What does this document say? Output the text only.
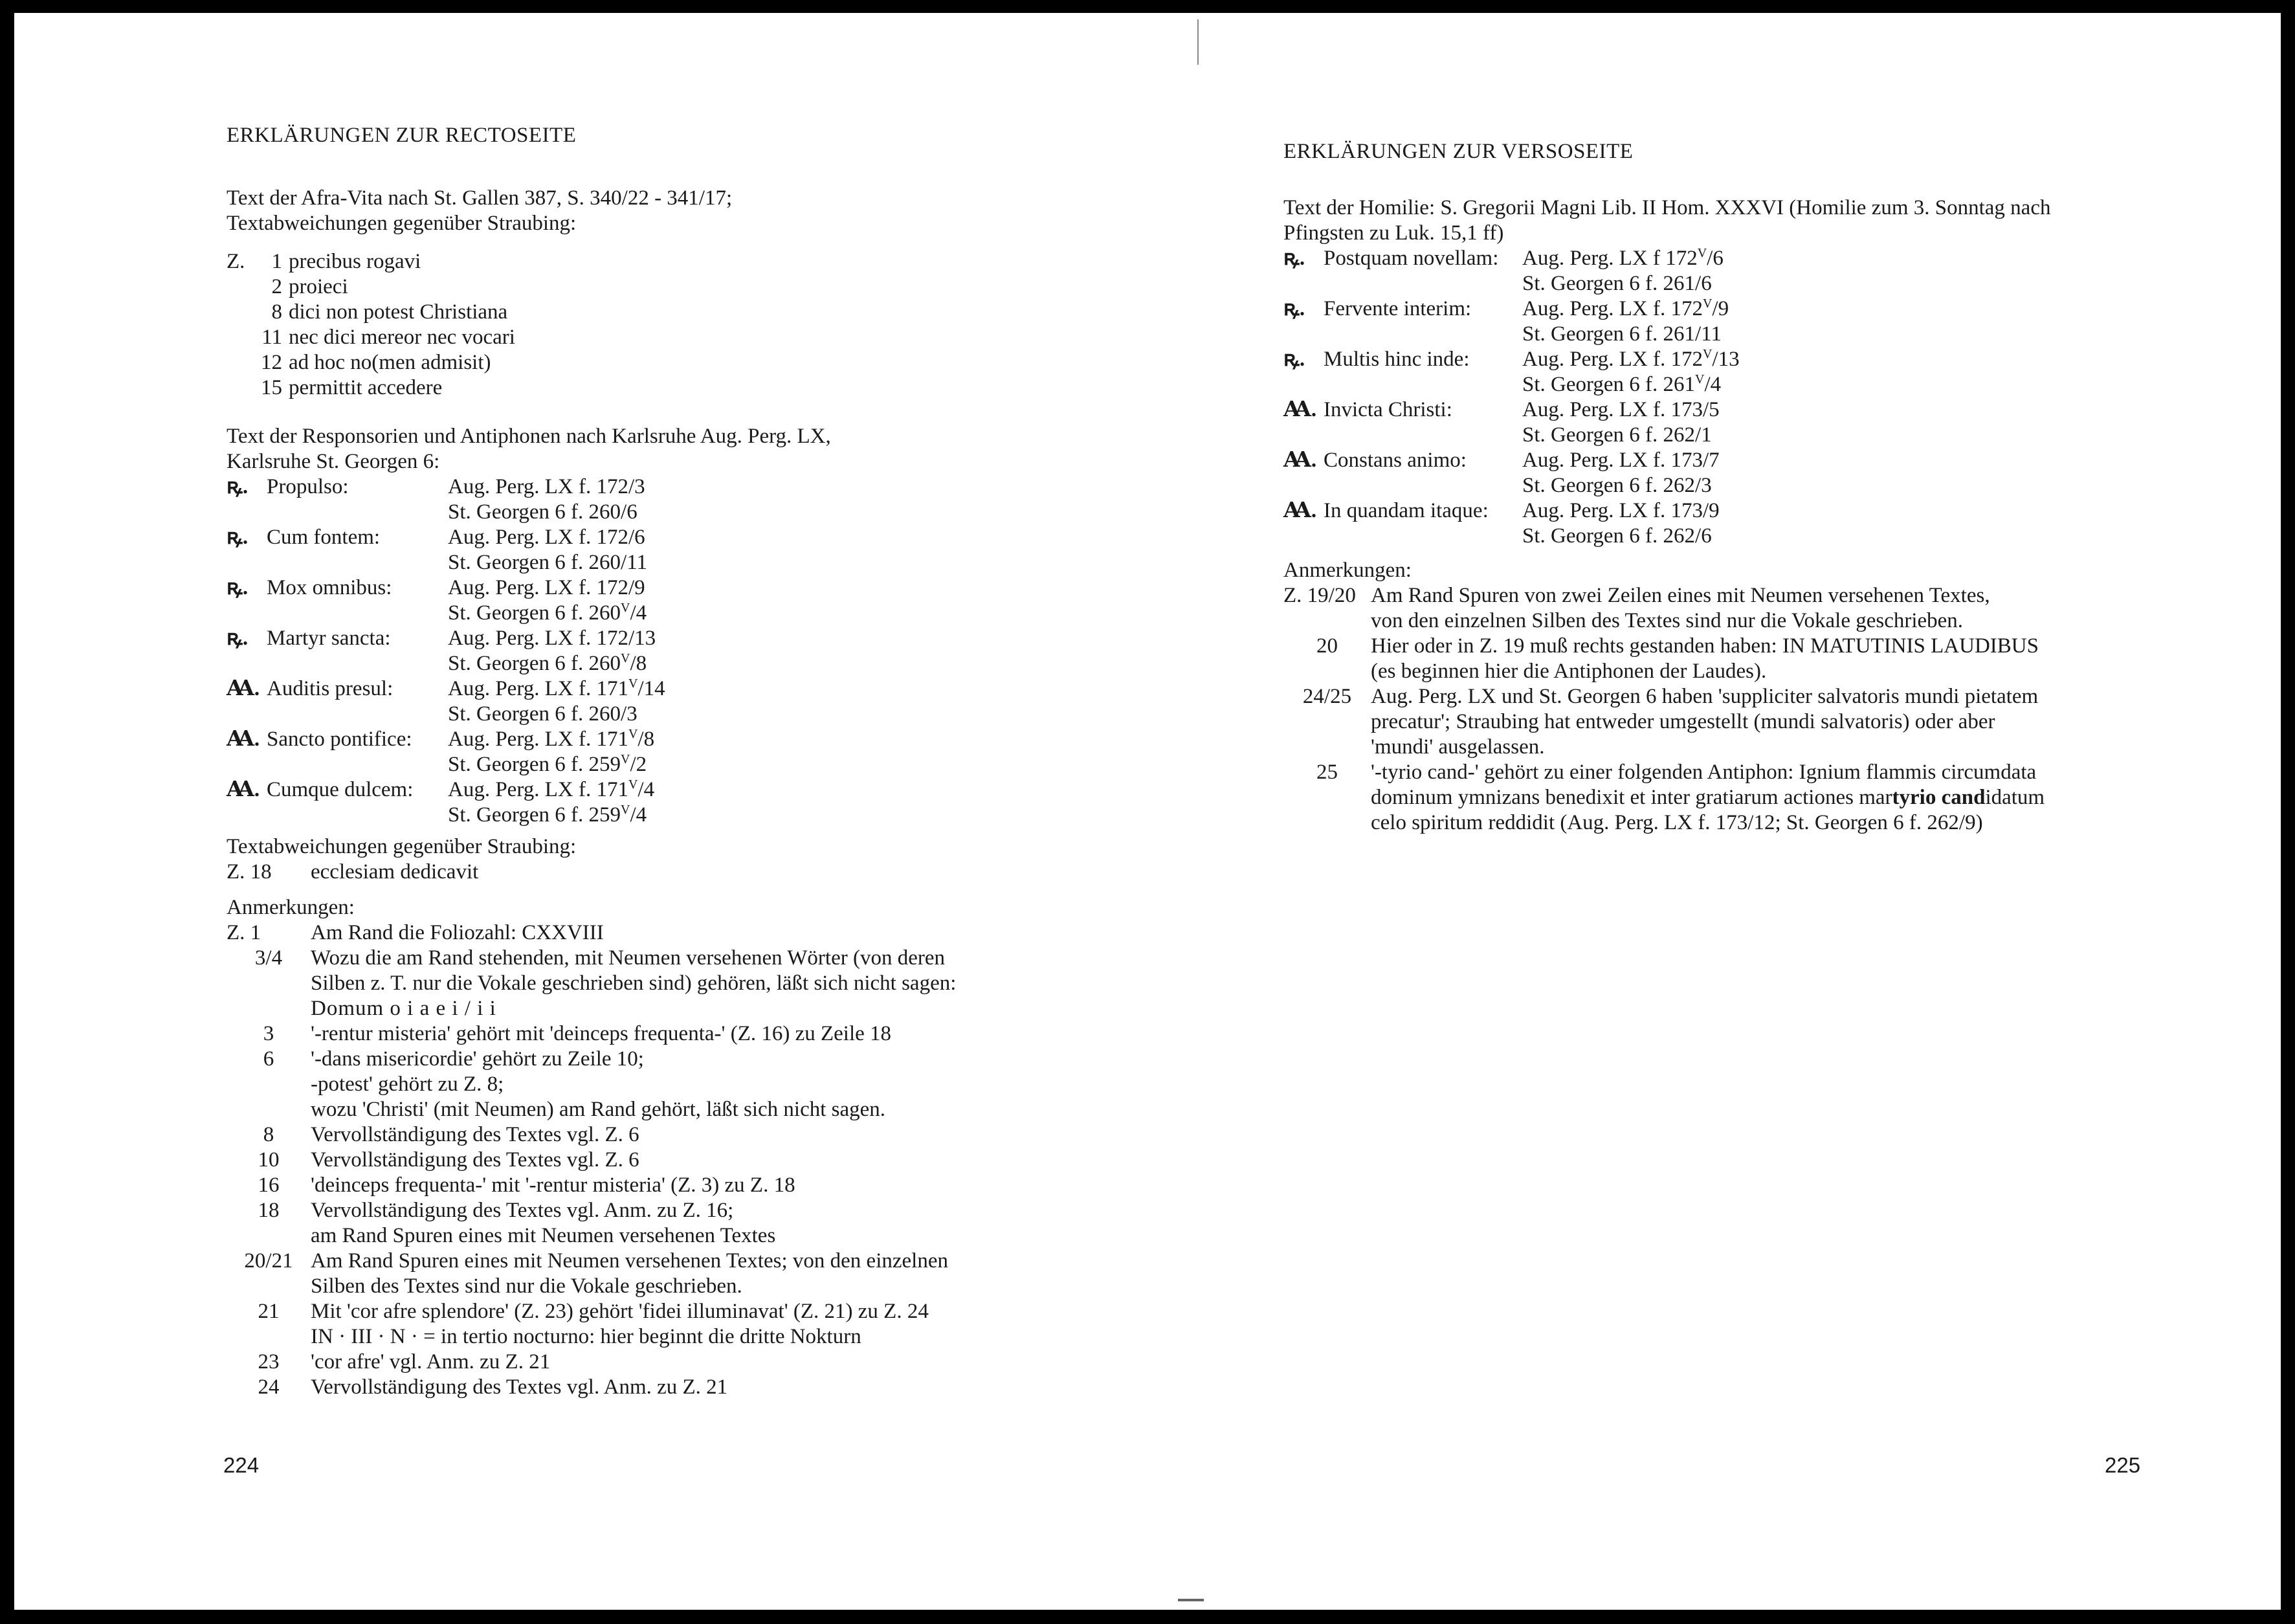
ERKLÄRUNGEN ZUR RECTOSEITE
Text der Afra-Vita nach St. Gallen 387, S. 340/22 - 341/17;
Textabweichungen gegenüber Straubing:
Z.	1 precibus rogavi
2 proieci
8 dici non potest Christiana
11 nec dici mereor nec vocari
12 ad hoc no(men admisit)
15 permittit accedere
Text der Responsorien und Antiphonen nach Karlsruhe Aug. Perg. LX,
Karlsruhe St. Georgen 6:
ꝶ. Propulso:	Aug. Perg. LX f. 172/3
St. Georgen 6 f. 260/6
ꝶ. Cum fontem:	Aug. Perg. LX f. 172/6
St. Georgen 6 f. 260/11
ꝶ. Mox omnibus:	Aug. Perg. LX f. 172/9
St. Georgen 6 f. $260^V/4$
ꝶ. Martyr sancta:	Aug. Perg. LX f. 172/13
St. Georgen 6 f. $260^V/8$
Ꜳ. Auditis presul:	Aug. Perg. LX f. $171^V/14$
St. Georgen 6 f. 260/3
Ꜳ. Sancto pontifice:	Aug. Perg. LX f. $171^V/8$
St. Georgen 6 f. $259^V/2$
Ꜳ. Cumque dulcem:	Aug. Perg. LX f. $171^V/4$
St. Georgen 6 f. $259^V/4$
Textabweichungen gegenüber Straubing:
Z. 18	ecclesiam dedicavit
Anmerkungen:
Z. 1	Am Rand die Foliozahl: CXXVIII
3/4	Wozu die am Rand stehenden, mit Neumen versehenen Wörter (von deren
Silben z. T. nur die Vokale geschrieben sind) gehören, läßt sich nicht sagen:
Domum o i a e i / i i
3	'-rentur misteria' gehört mit 'deinceps frequenta-' (Z. 16) zu Zeile 18
6	'-dans misericordie' gehört zu Zeile 10;
-potest' gehört zu Z. 8;
wozu 'Christi' (mit Neumen) am Rand gehört, läßt sich nicht sagen.
8	Vervollständigung des Textes vgl. Z. 6
10	Vervollständigung des Textes vgl. Z. 6
16	'deinceps frequenta-' mit '-rentur misteria' (Z. 3) zu Z. 18
18	Vervollständigung des Textes vgl. Anm. zu Z. 16;
am Rand Spuren eines mit Neumen versehenen Textes
20/21 Am Rand Spuren eines mit Neumen versehenen Textes; von den einzelnen
Silben des Textes sind nur die Vokale geschrieben.
21	Mit 'cor afre splendore' (Z. 23) gehört 'fidei illuminavat' (Z. 21) zu Z. 24
IN · III · N · = in tertio nocturno: hier beginnt die dritte Nokturn
23	'cor afre' vgl. Anm. zu Z. 21
24	Vervollständigung des Textes vgl. Anm. zu Z. 21
224
ERKLÄRUNGEN ZUR VERSOSEITE
Text der Homilie: S. Gregorii Magni Lib. II Hom. XXXVI (Homilie zum 3. Sonntag nach
Pfingsten zu Luk. 15,1 ff)
ꝶ. Postquam novellam:	Aug. Perg. LX f $172^V/6$
St. Georgen 6 f. 261/6
ꝶ. Fervente interim:	Aug. Perg. LX f. $172^V/9$
St. Georgen 6 f. 261/11
ꝶ. Multis hinc inde:	Aug. Perg. LX f. $172^V/13$
St. Georgen 6 f. $261^V/4$
Ꜳ. Invicta Christi:	Aug. Perg. LX f. 173/5
St. Georgen 6 f. 262/1
Ꜳ. Constans animo:	Aug. Perg. LX f. 173/7
St. Georgen 6 f. 262/3
Ꜳ. In quandam itaque:	Aug. Perg. LX f. 173/9
St. Georgen 6 f. 262/6
Anmerkungen:
Z. 19/20 Am Rand Spuren von zwei Zeilen eines mit Neumen versehenen Textes,
von den einzelnen Silben des Textes sind nur die Vokale geschrieben.
20	Hier oder in Z. 19 muß rechts gestanden haben: IN MATUTINIS LAUDIBUS
(es beginnen hier die Antiphonen der Laudes).
24/25 Aug. Perg. LX und St. Georgen 6 haben 'suppliciter salvatoris mundi pietatem
precatur'; Straubing hat entweder umgestellt (mundi salvatoris) oder aber
'mundi' ausgelassen.
25	'-tyrio cand-' gehört zu einer folgenden Antiphon: Ignium flammis circumdata
dominum ymnizans benedixit et inter gratiarum actiones martyrio candidatum
celo spiritum reddidit (Aug. Perg. LX f. 173/12; St. Georgen 6 f. 262/9)
225
